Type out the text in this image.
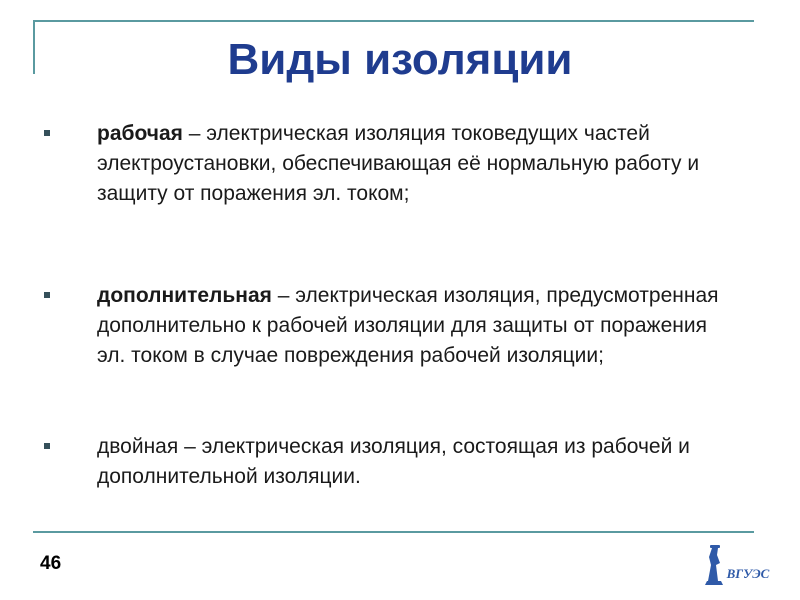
Виды изоляции
рабочая – электрическая изоляция токоведущих частей электроустановки, обеспечивающая её нормальную работу и защиту от поражения эл. током;
дополнительная – электрическая изоляция, предусмотренная дополнительно к рабочей изоляции для защиты от поражения эл. током в случае повреждения рабочей изоляции;
двойная – электрическая изоляция, состоящая из рабочей и дополнительной изоляции.
46	ВГУЭС
